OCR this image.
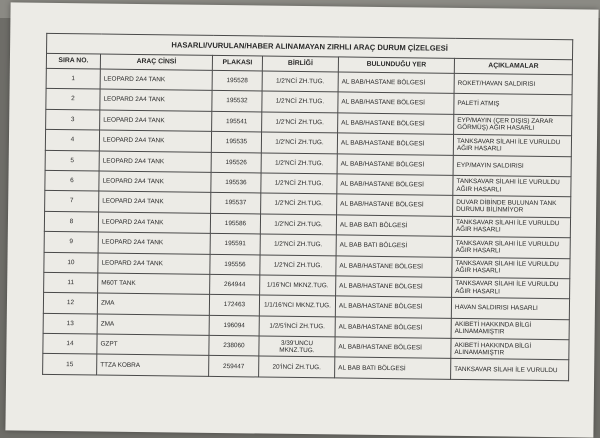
HASARLI/VURULAN/HABER ALINAMAYAN ZIRHLI ARAÇ DURUM ÇİZELGESİ					
SIRA NO.	ARAÇ CİNSİ	PLAKASI	BİRLİĞİ	BULUNDUĞU YER	AÇIKLAMALAR
1	LEOPARD 2A4 TANK	195528	1/2'NCİ ZH.TUG.	AL BAB/HASTANE BÖLGESİ	ROKET/HAVAN SALDIRISI
2	LEOPARD 2A4 TANK	195532	1/2'NCİ ZH.TUG.	AL BAB/HASTANE BÖLGESİ	PALETİ ATMIŞ
3	LEOPARD 2A4 TANK	195541	1/2'NCİ ZH.TUG.	AL BAB/HASTANE BÖLGESİ	EYP/MAYIN (ÇER DIŞIS) ZARAR GÖRMÜŞ) AĞIR HASARLI
4	LEOPARD 2A4 TANK	195535	1/2'NCİ ZH.TUG.	AL BAB/HASTANE BÖLGESİ	TANKSAVAR SİLAHI İLE VURULDU AĞIR HASARLI
5	LEOPARD 2A4 TANK	195526	1/2'NCİ ZH.TUG.	AL BAB/HASTANE BÖLGESİ	EYP/MAYIN SALDIRISI
6	LEOPARD 2A4 TANK	195536	1/2'NCİ ZH.TUG.	AL BAB/HASTANE BÖLGESİ	TANKSAVAR SİLAHI İLE VURULDU AĞIR HASARLI
7	LEOPARD 2A4 TANK	195537	1/2'NCİ ZH.TUG.	AL BAB/HASTANE BÖLGESİ	DUVAR DİBİNDE BULUNAN TANK DURUMU BİLİNMİYOR
8	LEOPARD 2A4 TANK	195586	1/2'NCİ ZH.TUG.	AL BAB BATI BÖLGESİ	TANKSAVAR SİLAHI İLE VURULDU AĞIR HASARLI
9	LEOPARD 2A4 TANK	195591	1/2'NCİ ZH.TUG.	AL BAB BATI BÖLGESİ	TANKSAVAR SİLAHI İLE VURULDU AĞIR HASARLI
10	LEOPARD 2A4 TANK	195556	1/2'NCİ ZH.TUG.	AL BAB/HASTANE BÖLGESİ	TANKSAVAR SİLAHI İLE VURULDU AĞIR HASARLI
11	M60T TANK	264944	1/16'NCI MKNZ.TUG.	AL BAB/HASTANE BÖLGESİ	TANKSAVAR SİLAHI İLE VURULDU AĞIR HASARLI
12	ZMA	172463	1/1/16'NCI MKNZ.TUG.	AL BAB/HASTANE BÖLGESİ	HAVAN SALDIRISI HASARLI
13	ZMA	196094	1/2/5'İNCİ ZH.TUG.	AL BAB/HASTANE BÖLGESİ	AKIBETİ HAKKINDA BİLGİ ALINAMAMIŞTIR
14	GZPT	238060	3/39'UNCU MKNZ.TUG.	AL BAB/HASTANE BÖLGESİ	AKIBETİ HAKKINDA BİLGİ ALINAMAMIŞTIR
15	TTZA KOBRA	259447	20'İNCİ ZH.TUG.	AL BAB BATI BÖLGESİ	TANKSAVAR SİLAHI İLE VURULDU
